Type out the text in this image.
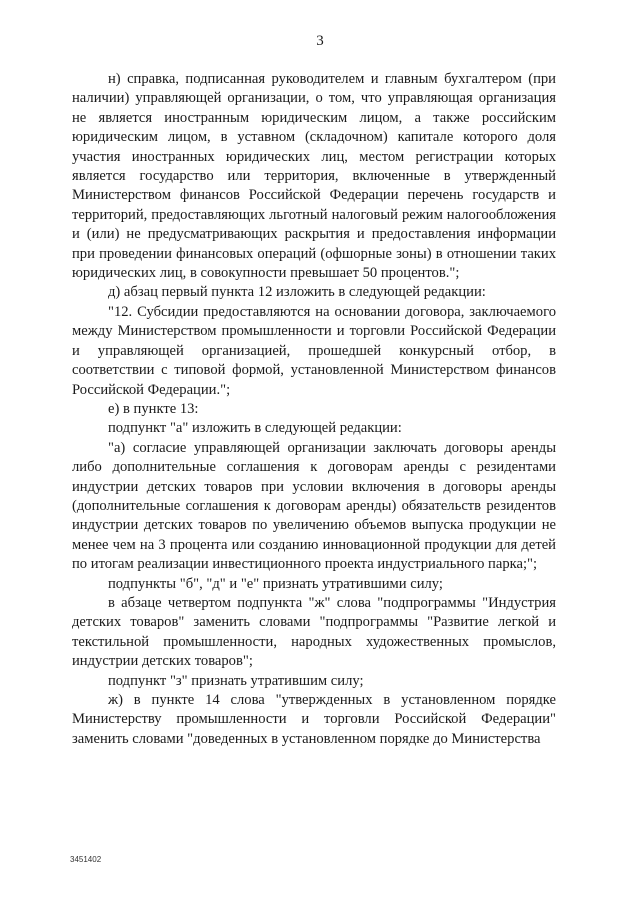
3

н) справка, подписанная руководителем и главным бухгалтером (при наличии) управляющей организации, о том, что управляющая организация не является иностранным юридическим лицом, а также российским юридическим лицом, в уставном (складочном) капитале которого доля участия иностранных юридических лиц, местом регистрации которых является государство или территория, включенные в утвержденный Министерством финансов Российской Федерации перечень государств и территорий, предоставляющих льготный налоговый режим налогообложения и (или) не предусматривающих раскрытия и предоставления информации при проведении финансовых операций (офшорные зоны) в отношении таких юридических лиц, в совокупности превышает 50 процентов.";

д) абзац первый пункта 12 изложить в следующей редакции:

"12. Субсидии предоставляются на основании договора, заключаемого между Министерством промышленности и торговли Российской Федерации и управляющей организацией, прошедшей конкурсный отбор, в соответствии с типовой формой, установленной Министерством финансов Российской Федерации.";

е) в пункте 13:

подпункт "а" изложить в следующей редакции:

"а) согласие управляющей организации заключать договоры аренды либо дополнительные соглашения к договорам аренды с резидентами индустрии детских товаров при условии включения в договоры аренды (дополнительные соглашения к договорам аренды) обязательств резидентов индустрии детских товаров по увеличению объемов выпуска продукции не менее чем на 3 процента или созданию инновационной продукции для детей по итогам реализации инвестиционного проекта индустриального парка;";

подпункты "б", "д" и "е" признать утратившими силу;

в абзаце четвертом подпункта "ж" слова "подпрограммы "Индустрия детских товаров" заменить словами "подпрограммы "Развитие легкой и текстильной промышленности, народных художественных промыслов, индустрии детских товаров";

подпункт "з" признать утратившим силу;

ж) в пункте 14 слова "утвержденных в установленном порядке Министерству промышленности и торговли Российской Федерации" заменить словами "доведенных в установленном порядке до Министерства

3451402
